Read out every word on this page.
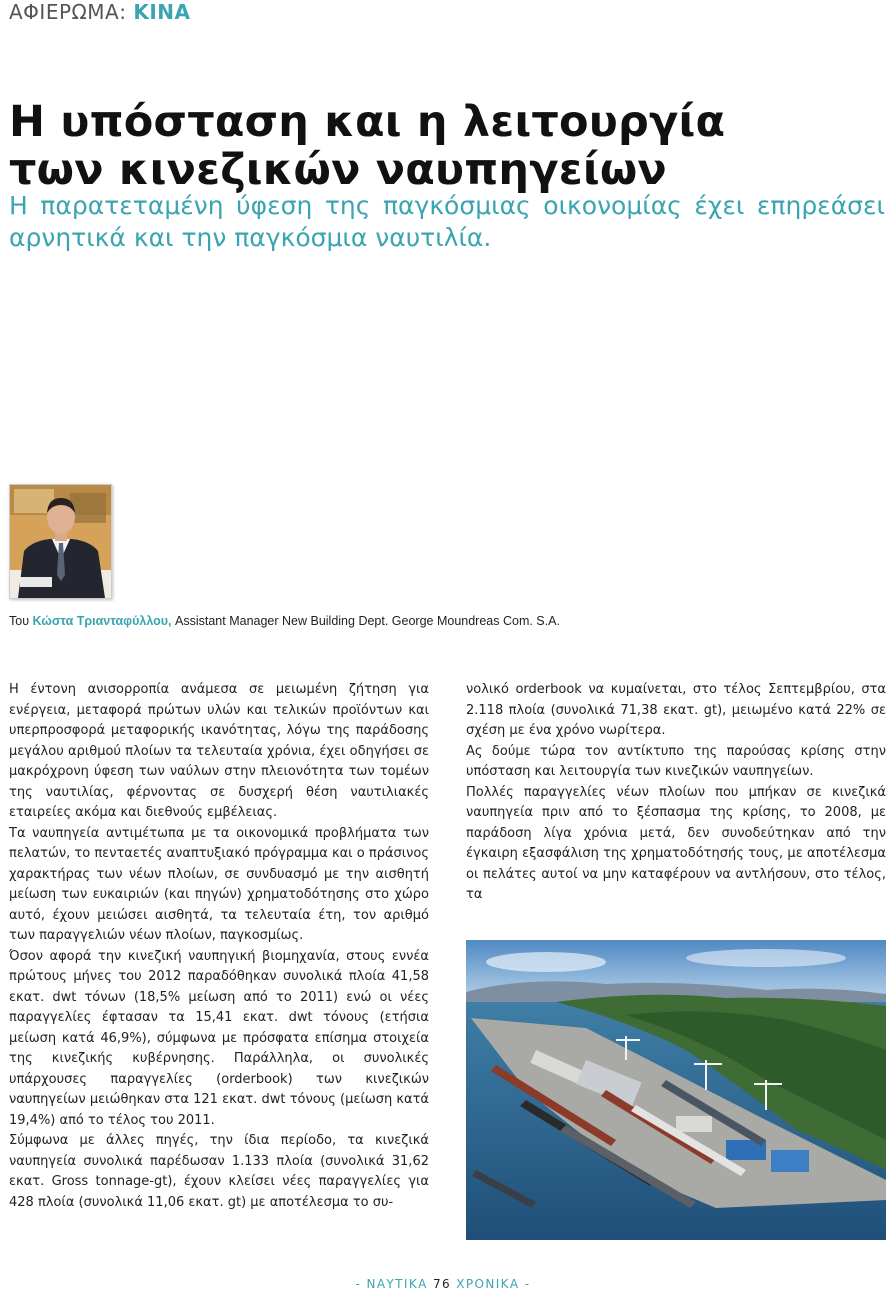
ΑΦΙΕΡΩΜΑ: ΚΙΝΑ
Η υπόσταση και η λειτουργία
των κινεζικών ναυπηγείων

Η παρατεταμένη ύφεση της παγκόσμιας οικονομίας έχει επηρεάσει αρνητικά και την παγκόσμια ναυτιλία.

Του Κώστα Τριανταφύλλου, Assistant Manager New Building Dept. George Moundreas Com. S.A.

Η έντονη ανισορροπία ανάμεσα σε μειωμένη ζήτηση για ενέργεια, μεταφορά πρώτων υλών και τελικών προϊόντων και υπερπροσφορά μεταφορικής ικανότητας, λόγω της παράδοσης μεγάλου αριθμού πλοίων τα τελευταία χρόνια, έχει οδηγήσει σε μακρόχρονη ύφεση των ναύλων στην πλειονότητα των τομέων της ναυτιλίας, φέρνοντας σε δυσχερή θέση ναυτιλιακές εταιρείες ακόμα και διεθνούς εμβέλειας.

Τα ναυπηγεία αντιμέτωπα με τα οικονομικά προβλήματα των πελατών, το πενταετές αναπτυξιακό πρόγραμμα και ο πράσινος χαρακτήρας των νέων πλοίων, σε συνδυασμό με την αισθητή μείωση των ευκαιριών (και πηγών) χρηματοδότησης στο χώρο αυτό, έχουν μειώσει αισθητά, τα τελευταία έτη, τον αριθμό των παραγγελιών νέων πλοίων, παγκοσμίως.

Όσον αφορά την κινεζική ναυπηγική βιομηχανία, στους εννέα πρώτους μήνες του 2012 παραδόθηκαν συνολικά πλοία 41,58 εκατ. dwt τόνων (18,5% μείωση από το 2011) ενώ οι νέες παραγγελίες έφτασαν τα 15,41 εκατ. dwt τόνους (ετήσια μείωση κατά 46,9%), σύμφωνα με πρόσφατα επίσημα στοιχεία της κινεζικής κυβέρνησης. Παράλληλα, οι συνολικές υπάρχουσες παραγγελίες (orderbook) των κινεζικών ναυπηγείων μειώθηκαν στα 121 εκατ. dwt τόνους (μείωση κατά 19,4%) από το τέλος του 2011.

Σύμφωνα με άλλες πηγές, την ίδια περίοδο, τα κινεζικά ναυπηγεία συνολικά παρέδωσαν 1.133 πλοία (συνολικά 31,62 εκατ. Gross tonnage-gt), έχουν κλείσει νέες παραγγελίες για 428 πλοία (συνολικά 11,06 εκατ. gt) με αποτέλεσμα το συ-

νολικό orderbook να κυμαίνεται, στο τέλος Σεπτεμβρίου, στα 2.118 πλοία (συνολικά 71,38 εκατ. gt), μειωμένο κατά 22% σε σχέση με ένα χρόνο νωρίτερα.

Ας δούμε τώρα τον αντίκτυπο της παρούσας κρίσης στην υπόσταση και λειτουργία των κινεζικών ναυπηγείων.

Πολλές παραγγελίες νέων πλοίων που μπήκαν σε κινεζικά ναυπηγεία πριν από το ξέσπασμα της κρίσης, το 2008, με παράδοση λίγα χρόνια μετά, δεν συνοδεύτηκαν από την έγκαιρη εξασφάλιση της χρηματοδότησής τους, με αποτέλεσμα οι πελάτες αυτοί να μην καταφέρουν να αντλήσουν, στο τέλος, τα

- ΝΑΥΤΙΚΑ 76 ΧΡΟΝΙΚΑ -
